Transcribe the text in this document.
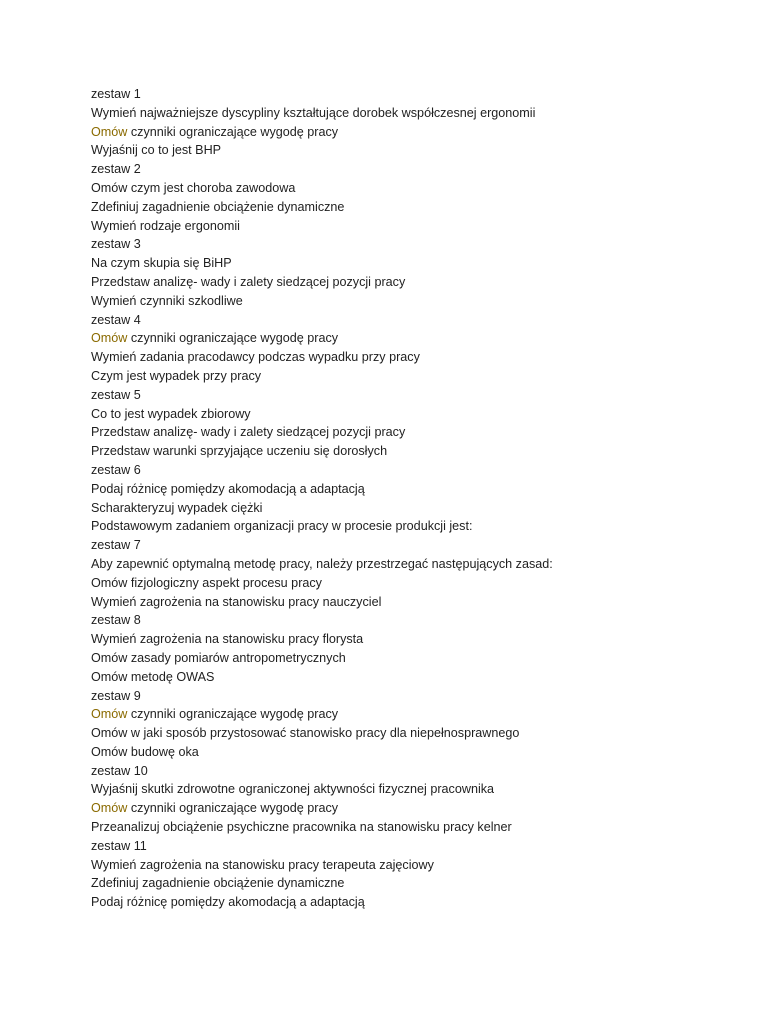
zestaw 1
Wymień najważniejsze dyscypliny kształtujące dorobek współczesnej ergonomii
Omów czynniki ograniczające wygodę pracy
Wyjaśnij co to jest BHP
zestaw 2
Omów czym jest choroba zawodowa
Zdefiniuj zagadnienie obciążenie dynamiczne
Wymień rodzaje ergonomii
zestaw 3
Na czym skupia się BiHP
Przedstaw analizę- wady i zalety siedzącej pozycji pracy
Wymień czynniki szkodliwe
zestaw 4
Omów czynniki ograniczające wygodę pracy
Wymień zadania pracodawcy podczas wypadku przy pracy
Czym jest wypadek przy pracy
zestaw 5
Co to jest wypadek zbiorowy
Przedstaw analizę- wady i zalety siedzącej pozycji pracy
Przedstaw warunki sprzyjające uczeniu się dorosłych
zestaw 6
Podaj różnicę pomiędzy akomodacją a adaptacją
Scharakteryzuj wypadek ciężki
Podstawowym zadaniem organizacji pracy w procesie produkcji jest:
zestaw 7
Aby zapewnić optymalną metodę pracy, należy przestrzegać następujących zasad:
Omów fizjologiczny aspekt procesu pracy
Wymień zagrożenia na stanowisku pracy nauczyciel
zestaw 8
Wymień zagrożenia na stanowisku pracy florysta
Omów zasady pomiarów antropometrycznych
Omów metodę OWAS
zestaw 9
Omów czynniki ograniczające wygodę pracy
Omów w jaki sposób przystosować stanowisko pracy dla niepełnosprawnego
Omów budowę oka
zestaw 10
Wyjaśnij skutki zdrowotne ograniczonej aktywności fizycznej pracownika
Omów czynniki ograniczające wygodę pracy
Przeanalizuj obciążenie psychiczne pracownika na stanowisku pracy kelner
zestaw 11
Wymień zagrożenia na stanowisku pracy terapeuta zajęciowy
Zdefiniuj zagadnienie obciążenie dynamiczne
Podaj różnicę pomiędzy akomodacją a adaptacją
